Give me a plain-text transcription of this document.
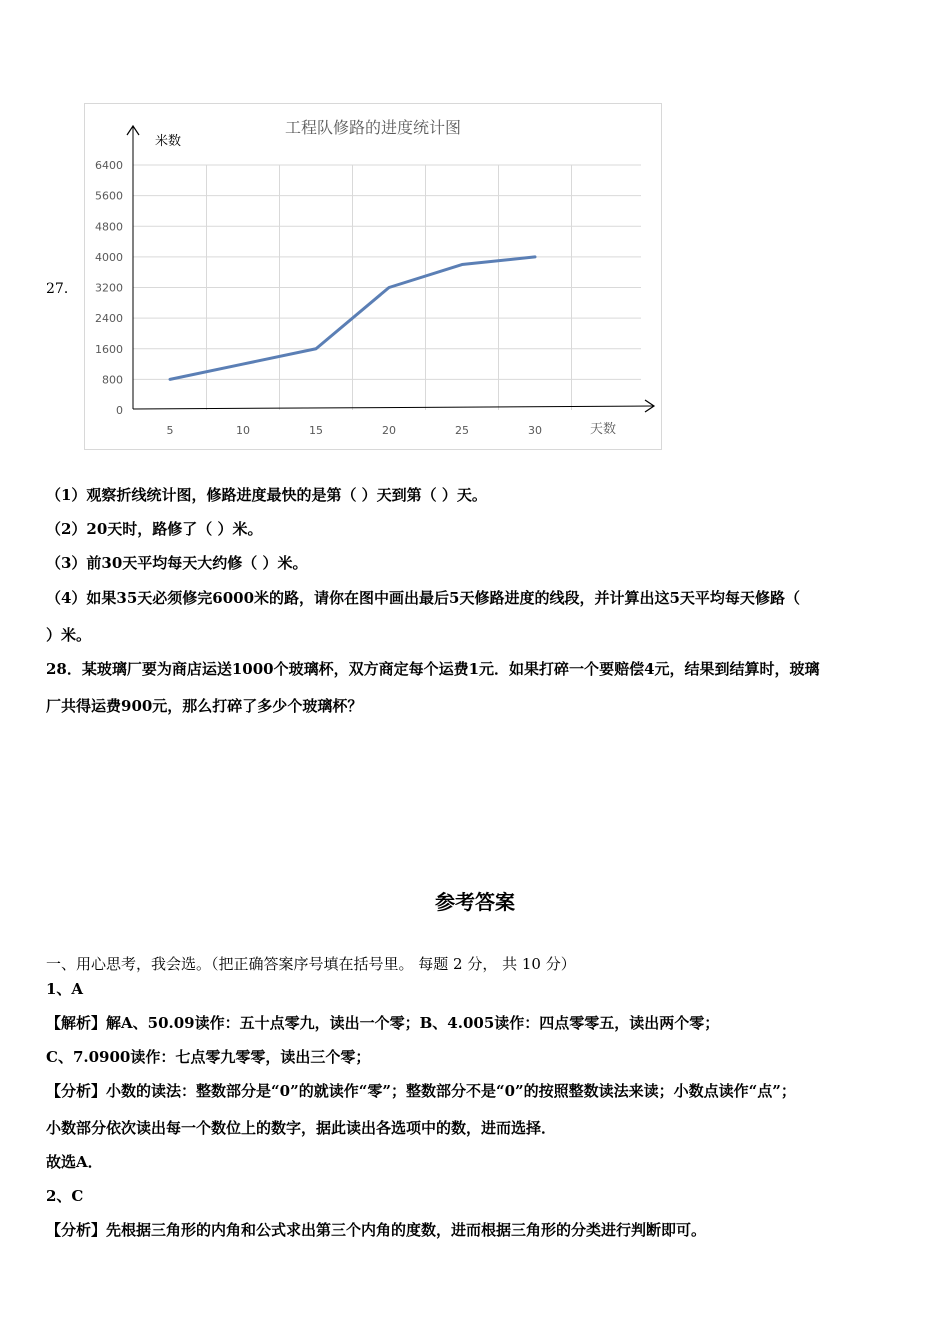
27．
工程队修路的进度统计图
米数
天数
0
800
1600
2400
3200
4000
4800
5600
6400
5	10	15	20	25	30
（1）观察折线统计图，修路进度最快的是第（ ）天到第（ ）天。
（2）20天时，路修了（ ）米。
（3）前30天平均每天大约修（ ）米。
（4）如果35天必须修完6000米的路，请你在图中画出最后5天修路进度的线段，并计算出这5天平均每天修路（
）米。
28．某玻璃厂要为商店运送1000个玻璃杯，双方商定每个运费1元．如果打碎一个要赔偿4元，结果到结算时，玻璃
厂共得运费900元，那么打碎了多少个玻璃杯？
参考答案
一、用心思考，我会选。（把正确答案序号填在括号里。 每题 2 分， 共 10 分）
1、A
【解析】解A、50.09读作：五十点零九，读出一个零；B、4.005读作：四点零零五，读出两个零；
C、7.0900读作：七点零九零零，读出三个零；
【分析】小数的读法：整数部分是“0”的就读作“零”；整数部分不是“0”的按照整数读法来读；小数点读作“点”；
小数部分依次读出每一个数位上的数字，据此读出各选项中的数，进而选择．
故选A．
2、C
【分析】先根据三角形的内角和公式求出第三个内角的度数，进而根据三角形的分类进行判断即可。
